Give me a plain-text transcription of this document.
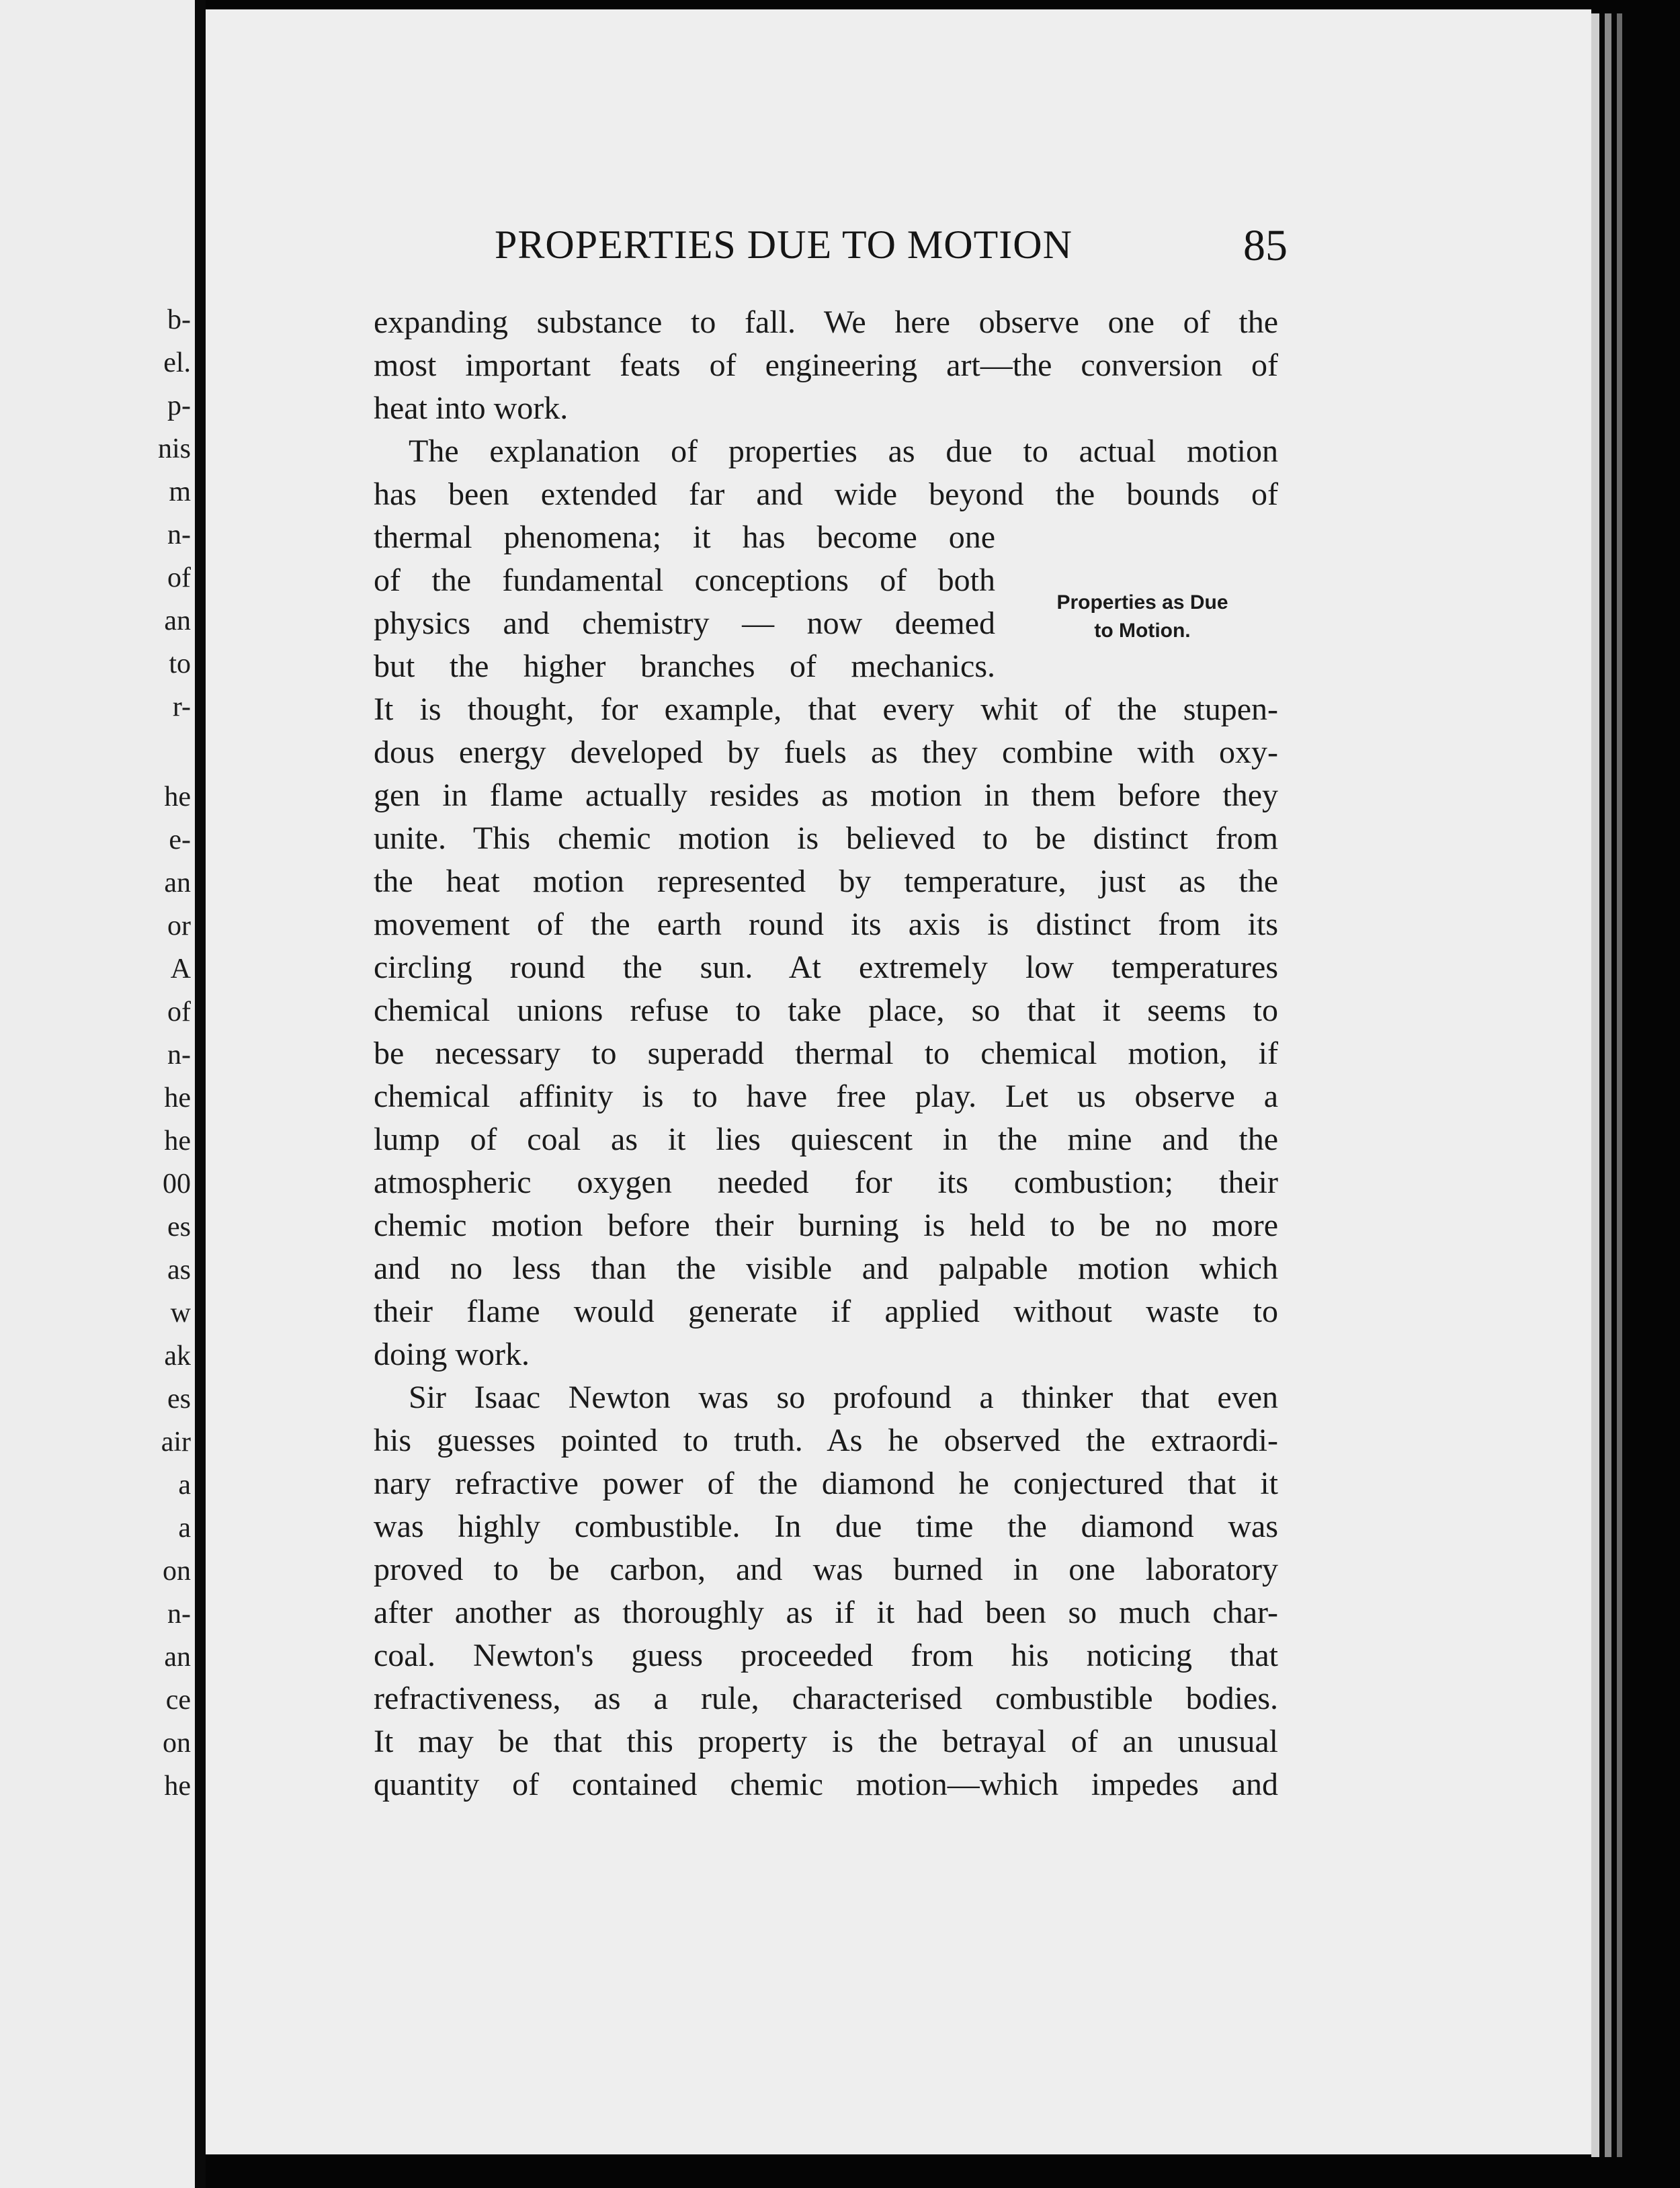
b-
el.
p-
nis
m
n-
of
an
to
r-
he
e-
an
or
A
of
n-
he
he
00
es
as
w
ak
es
air
a
a
on
n-
an
ce
on
he
PROPERTIES DUE TO MOTION	85
Properties as Due
to Motion.
expanding substance to fall. We here observe one of the
most important feats of engineering art—the conversion of
heat into work.
The explanation of properties as due to actual motion
has been extended far and wide beyond the bounds of
thermal phenomena; it has become one
of the fundamental conceptions of both
physics and chemistry — now deemed
but the higher branches of mechanics.
It is thought, for example, that every whit of the stupen-
dous energy developed by fuels as they combine with oxy-
gen in flame actually resides as motion in them before they
unite. This chemic motion is believed to be distinct from
the heat motion represented by temperature, just as the
movement of the earth round its axis is distinct from its
circling round the sun. At extremely low temperatures
chemical unions refuse to take place, so that it seems to
be necessary to superadd thermal to chemical motion, if
chemical affinity is to have free play. Let us observe a
lump of coal as it lies quiescent in the mine and the
atmospheric oxygen needed for its combustion; their
chemic motion before their burning is held to be no more
and no less than the visible and palpable motion which
their flame would generate if applied without waste to
doing work.
Sir Isaac Newton was so profound a thinker that even
his guesses pointed to truth. As he observed the extraordi-
nary refractive power of the diamond he conjectured that it
was highly combustible. In due time the diamond was
proved to be carbon, and was burned in one laboratory
after another as thoroughly as if it had been so much char-
coal. Newton's guess proceeded from his noticing that
refractiveness, as a rule, characterised combustible bodies.
It may be that this property is the betrayal of an unusual
quantity of contained chemic motion—which impedes and
